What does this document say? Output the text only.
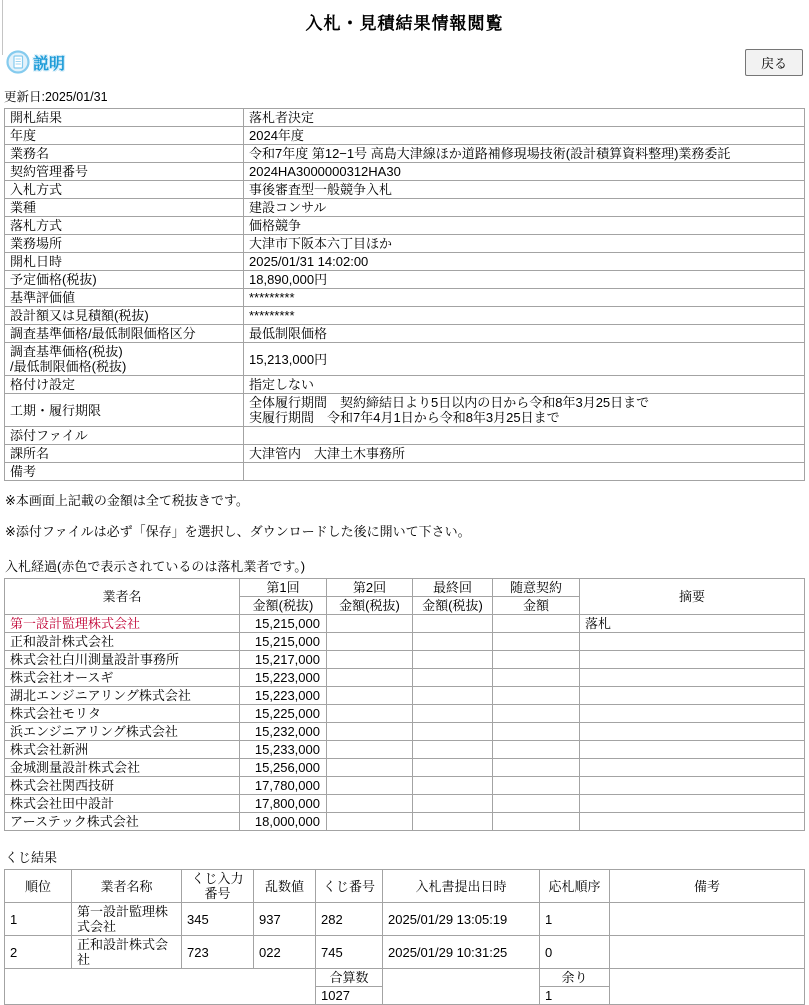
入札・見積結果情報閲覧
説明	戻る
更新日:2025/01/31
開札結果	落札者決定
年度	2024年度
業務名	令和7年度 第12−1号 高島大津線ほか道路補修現場技術(設計積算資料整理)業務委託
契約管理番号	2024HA3000000312HA30
入札方式	事後審査型一般競争入札
業種	建設コンサル
落札方式	価格競争
業務場所	大津市下阪本六丁目ほか
開札日時	2025/01/31 14:02:00
予定価格(税抜)	18,890,000円
基準評価値	*********
設計額又は見積額(税抜)	*********
調査基準価格/最低制限価格区分	最低制限価格

調査基準価格(税抜)
/最低制限価格(税抜)	15,213,000円
格付け設定	指定しない
工期・履行期限	全体履行期間　契約締結日より5日以内の日から令和8年3月25日まで
実履行期間　令和7年4月1日から令和8年3月25日まで

添付ファイル	
課所名	大津管内　大津土木事務所
備考	
※本画面上記載の金額は全て税抜きです。
※添付ファイルは必ず「保存」を選択し、ダウンロードした後に開いて下さい。
入札経過(赤色で表示されているのは落札業者です。)
業者名	第1回	第2回	最終回	随意契約	摘要
	金額(税抜)	金額(税抜)	金額(税抜)	金額	
第一設計監理株式会社	15,215,000				落札
正和設計株式会社	15,215,000				
株式会社白川測量設計事務所	15,217,000				
株式会社オースギ	15,223,000				
湖北エンジニアリング株式会社	15,223,000				
株式会社モリタ	15,225,000				
浜エンジニアリング株式会社	15,232,000				
株式会社新洲	15,233,000				
金城測量設計株式会社	15,256,000				
株式会社関西技研	17,780,000				
株式会社田中設計	17,800,000				
アーステック株式会社	18,000,000				
くじ結果
順位	業者名称	くじ入力番号	乱数値	くじ番号	入札書提出日時	応札順序	備考
1	第一設計監理株式会社	345	937	282	2025/01/29 13:05:19	1	
2	正和設計株式会社	723	022	745	2025/01/29 10:31:25	0	
				合算数		余り	
				1027		1	
